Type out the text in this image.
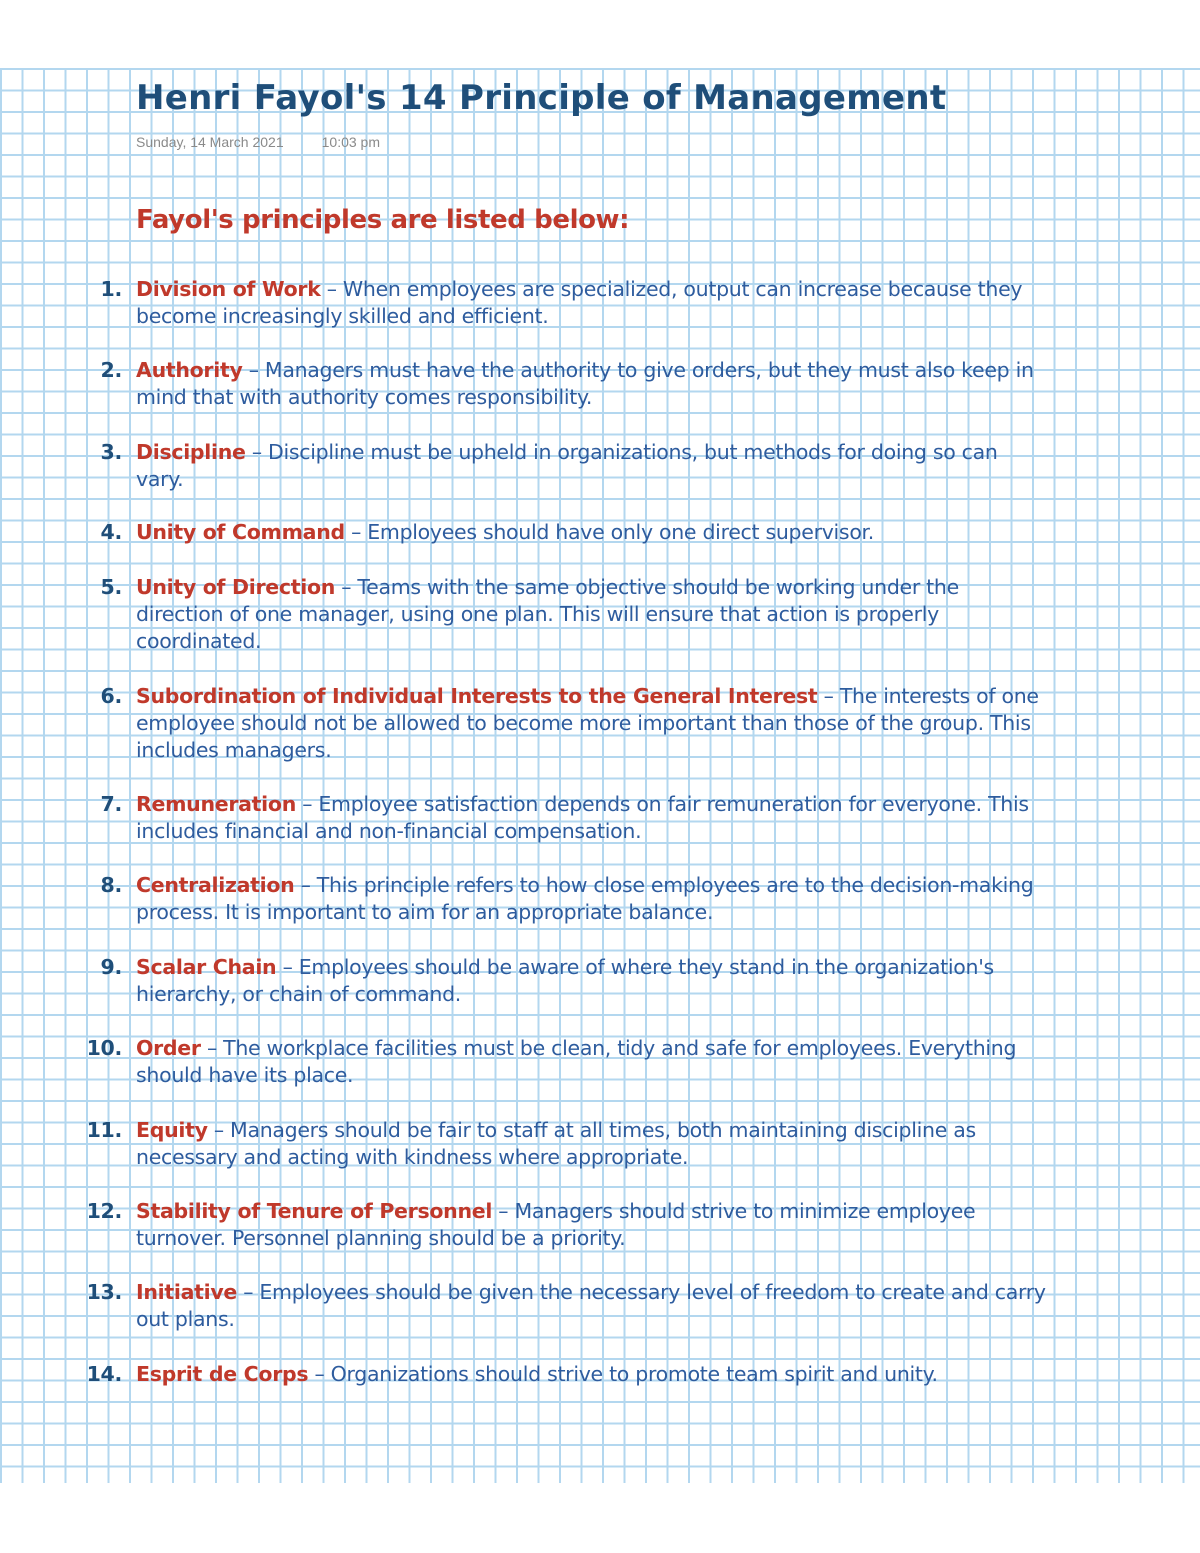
Henri Fayol's 14 Principle of Management
Sunday, 14 March 2021	10:03 pm
Fayol's principles are listed below:
1. Division of Work – When employees are specialized, output can increase because they become increasingly skilled and efficient.
2. Authority – Managers must have the authority to give orders, but they must also keep in mind that with authority comes responsibility.
3. Discipline – Discipline must be upheld in organizations, but methods for doing so can vary.
4. Unity of Command – Employees should have only one direct supervisor.
5. Unity of Direction – Teams with the same objective should be working under the direction of one manager, using one plan. This will ensure that action is properly coordinated.
6. Subordination of Individual Interests to the General Interest – The interests of one employee should not be allowed to become more important than those of the group. This includes managers.
7. Remuneration – Employee satisfaction depends on fair remuneration for everyone. This includes financial and non-financial compensation.
8. Centralization – This principle refers to how close employees are to the decision-making process. It is important to aim for an appropriate balance.
9. Scalar Chain – Employees should be aware of where they stand in the organization's hierarchy, or chain of command.
10. Order – The workplace facilities must be clean, tidy and safe for employees. Everything should have its place.
11. Equity – Managers should be fair to staff at all times, both maintaining discipline as necessary and acting with kindness where appropriate.
12. Stability of Tenure of Personnel – Managers should strive to minimize employee turnover. Personnel planning should be a priority.
13. Initiative – Employees should be given the necessary level of freedom to create and carry out plans.
14. Esprit de Corps – Organizations should strive to promote team spirit and unity.
